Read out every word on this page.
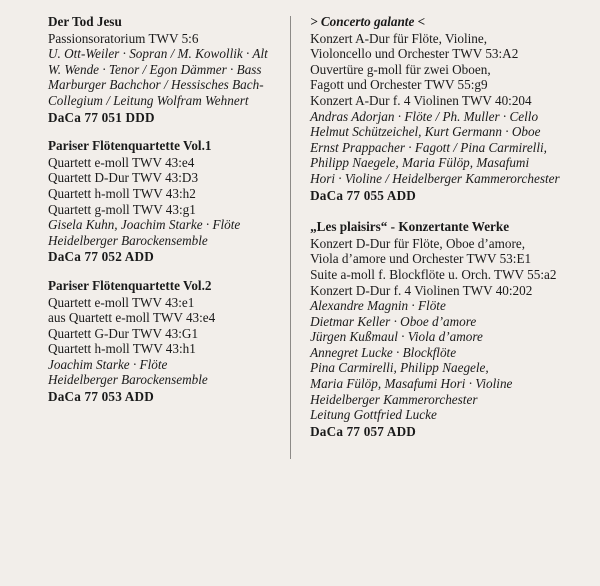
Der Tod Jesu
Passionsoratorium TWV 5:6
U. Ott-Weiler · Sopran / M. Kowollik · Alt
W. Wende · Tenor / Egon Dämmer · Bass
Marburger Bachchor / Hessisches Bach-
Collegium / Leitung Wolfram Wehnert
DaCa 77 051 DDD
Pariser Flötenquartette Vol.1
Quartett e-moll TWV 43:e4
Quartett D-Dur TWV 43:D3
Quartett h-moll TWV 43:h2
Quartett g-moll TWV 43:g1
Gisela Kuhn, Joachim Starke · Flöte
Heidelberger Barockensemble
DaCa 77 052 ADD
Pariser Flötenquartette Vol.2
Quartett e-moll TWV 43:e1
aus Quartett e-moll TWV 43:e4
Quartett G-Dur TWV 43:G1
Quartett h-moll TWV 43:h1
Joachim Starke · Flöte
Heidelberger Barockensemble
DaCa 77 053 ADD
> Concerto galante <
Konzert A-Dur für Flöte, Violine,
Violoncello und Orchester TWV 53:A2
Ouvertüre g-moll für zwei Oboen,
Fagott und Orchester TWV 55:g9
Konzert A-Dur f. 4 Violinen TWV 40:204
Andras Adorjan · Flöte / Ph. Muller · Cello
Helmut Schützeichel, Kurt Germann · Oboe
Ernst Prappacher · Fagott / Pina Carmirelli,
Philipp Naegele, Maria Fülöp, Masafumi
Hori · Violine / Heidelberger Kammerorchester
DaCa 77 055 ADD
„Les plaisirs“ - Konzertante Werke
Konzert D-Dur für Flöte, Oboe d’amore,
Viola d’amore und Orchester TWV 53:E1
Suite a-moll f. Blockflöte u. Orch. TWV 55:a2
Konzert D-Dur f. 4 Violinen TWV 40:202
Alexandre Magnin · Flöte
Dietmar Keller · Oboe d’amore
Jürgen Kußmaul · Viola d’amore
Annegret Lucke · Blockflöte
Pina Carmirelli, Philipp Naegele,
Maria Fülöp, Masafumi Hori · Violine
Heidelberger Kammerorchester
Leitung Gottfried Lucke
DaCa 77 057 ADD
